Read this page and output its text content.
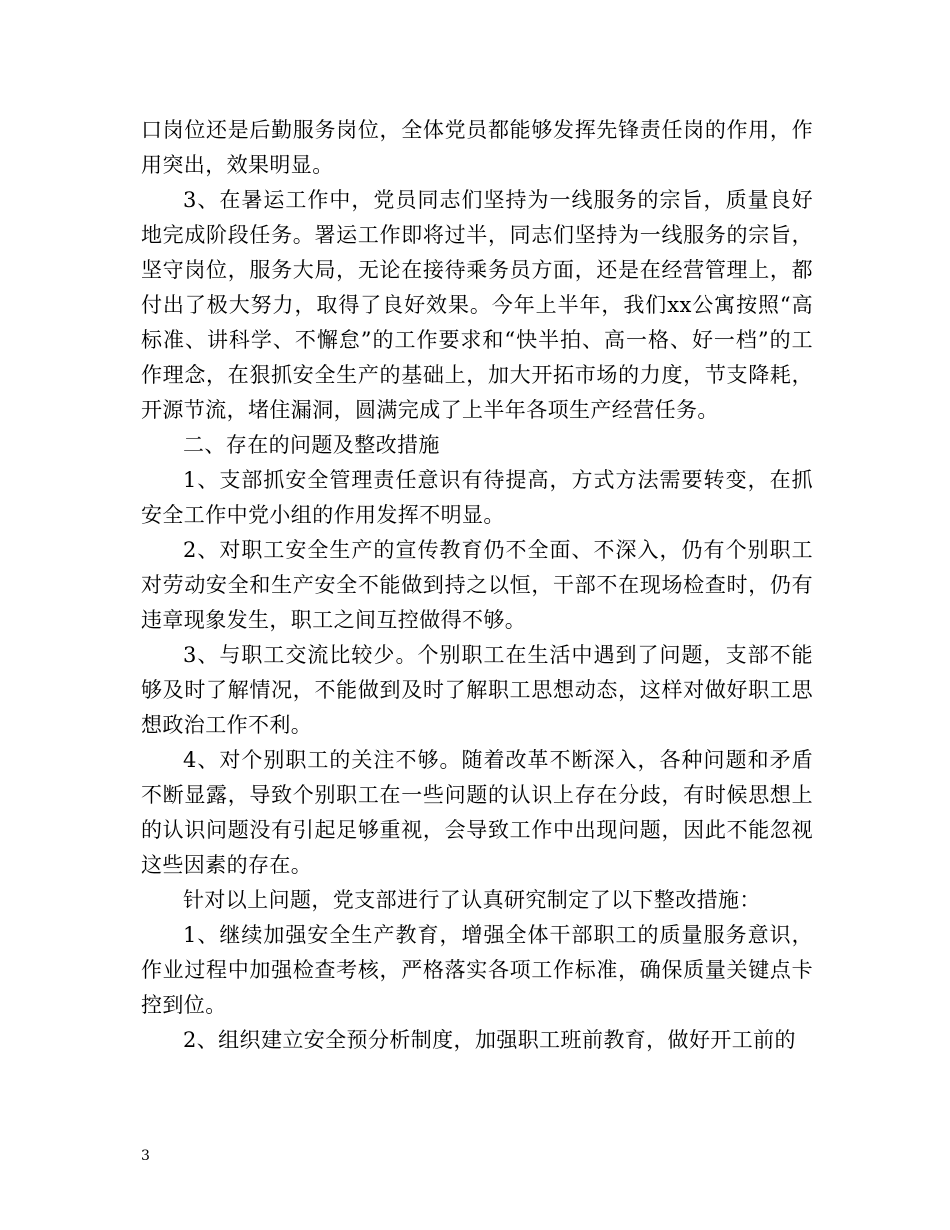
口岗位还是后勤服务岗位，全体党员都能够发挥先锋责任岗的作用，作用突出，效果明显。

3、在暑运工作中，党员同志们坚持为一线服务的宗旨，质量良好地完成阶段任务。署运工作即将过半，同志们坚持为一线服务的宗旨，坚守岗位，服务大局，无论在接待乘务员方面，还是在经营管理上，都付出了极大努力，取得了良好效果。今年上半年，我们xx公寓按照“高标准、讲科学、不懈怠”的工作要求和“快半拍、高一格、好一档”的工作理念，在狠抓安全生产的基础上，加大开拓市场的力度，节支降耗，开源节流，堵住漏洞，圆满完成了上半年各项生产经营任务。

二、存在的问题及整改措施

1、支部抓安全管理责任意识有待提高，方式方法需要转变，在抓安全工作中党小组的作用发挥不明显。

2、对职工安全生产的宣传教育仍不全面、不深入，仍有个别职工对劳动安全和生产安全不能做到持之以恒，干部不在现场检查时，仍有违章现象发生，职工之间互控做得不够。

3、与职工交流比较少。个别职工在生活中遇到了问题，支部不能够及时了解情况，不能做到及时了解职工思想动态，这样对做好职工思想政治工作不利。

4、对个别职工的关注不够。随着改革不断深入，各种问题和矛盾不断显露，导致个别职工在一些问题的认识上存在分歧，有时候思想上的认识问题没有引起足够重视，会导致工作中出现问题，因此不能忽视这些因素的存在。

针对以上问题，党支部进行了认真研究制定了以下整改措施：

1、继续加强安全生产教育，增强全体干部职工的质量服务意识，作业过程中加强检查考核，严格落实各项工作标准，确保质量关键点卡控到位。

2、组织建立安全预分析制度，加强职工班前教育，做好开工前的

3
